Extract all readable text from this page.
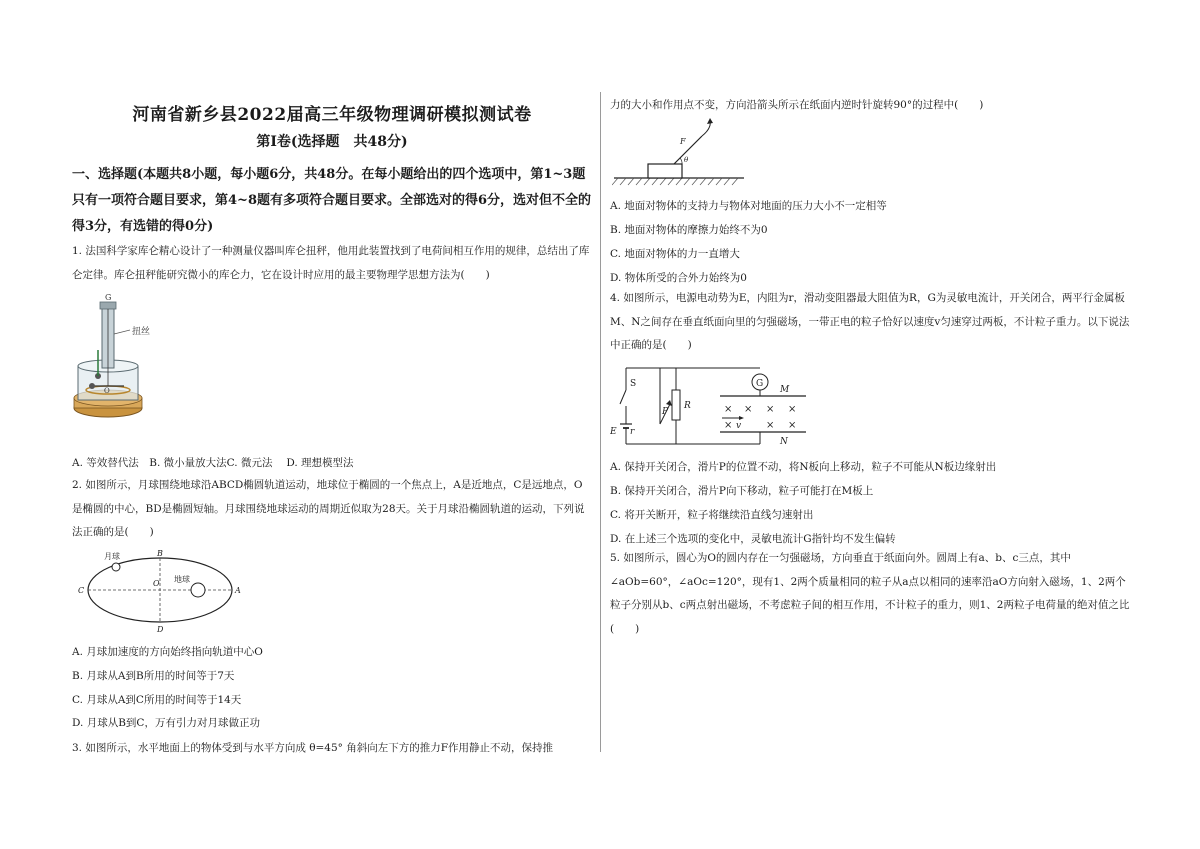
河南省新乡县2022届高三年级物理调研模拟测试卷
第Ⅰ卷(选择题　共48分)
一、选择题(本题共8小题，每小题6分，共48分。在每小题给出的四个选项中，第1~3题只有一项符合题目要求，第4~8题有多项符合题目要求。全部选对的得6分，选对但不全的得3分，有选错的得0分)
1. 法国科学家库仑精心设计了一种测量仪器叫库仑扭秤，他用此装置找到了电荷间相互作用的规律，总结出了库仑定律。库仑扭秤能研究微小的库仑力，它在设计时应用的最主要物理学思想方法为(　　)
G
扭丝
O
A. 等效替代法　B. 微小量放大法C. 微元法　 D. 理想模型法
2. 如图所示，月球围绕地球沿ABCD椭圆轨道运动，地球位于椭圆的一个焦点上，A是近地点，C是远地点，O是椭圆的中心，BD是椭圆短轴。月球围绕地球运动的周期近似取为28天。关于月球沿椭圆轨道的运动，下列说法正确的是(　　)
月球
地球
B
D
C	A
O
A. 月球加速度的方向始终指向轨道中心O
B. 月球从A到B所用的时间等于7天
C. 月球从A到C所用的时间等于14天
D. 月球从B到C，万有引力对月球做正功
3. 如图所示，水平地面上的物体受到与水平方向成 θ=45° 角斜向左下方的推力F作用静止不动，保持推
力的大小和作用点不变，方向沿箭头所示在纸面内逆时针旋转90°的过程中(　　)
F
θ
A. 地面对物体的支持力与物体对地面的压力大小不一定相等
B. 地面对物体的摩擦力始终不为0
C. 地面对物体的力一直增大
D. 物体所受的合外力始终为0
4. 如图所示，电源电动势为E，内阻为r，滑动变阻器最大阻值为R，G为灵敏电流计，开关闭合，两平行金属板M、N之间存在垂直纸面向里的匀强磁场，一带正电的粒子恰好以速度v匀速穿过两板，不计粒子重力。以下说法中正确的是(　　)
S
E r
P
R
G
M
N
× × × ×
×	× ×
v
A. 保持开关闭合，滑片P的位置不动，将N板向上移动，粒子不可能从N板边缘射出
B. 保持开关闭合，滑片P向下移动，粒子可能打在M板上
C. 将开关断开，粒子将继续沿直线匀速射出
D. 在上述三个选项的变化中，灵敏电流计G指针均不发生偏转
5. 如图所示，圆心为O的圆内存在一匀强磁场，方向垂直于纸面向外。圆周上有a、b、c三点，其中∠aOb=60°，∠aOc=120°，现有1、2两个质量相同的粒子从a点以相同的速率沿aO方向射入磁场，1、2两个粒子分别从b、c两点射出磁场，不考虑粒子间的相互作用，不计粒子的重力，则1、2两粒子电荷量的绝对值之比(　　)
